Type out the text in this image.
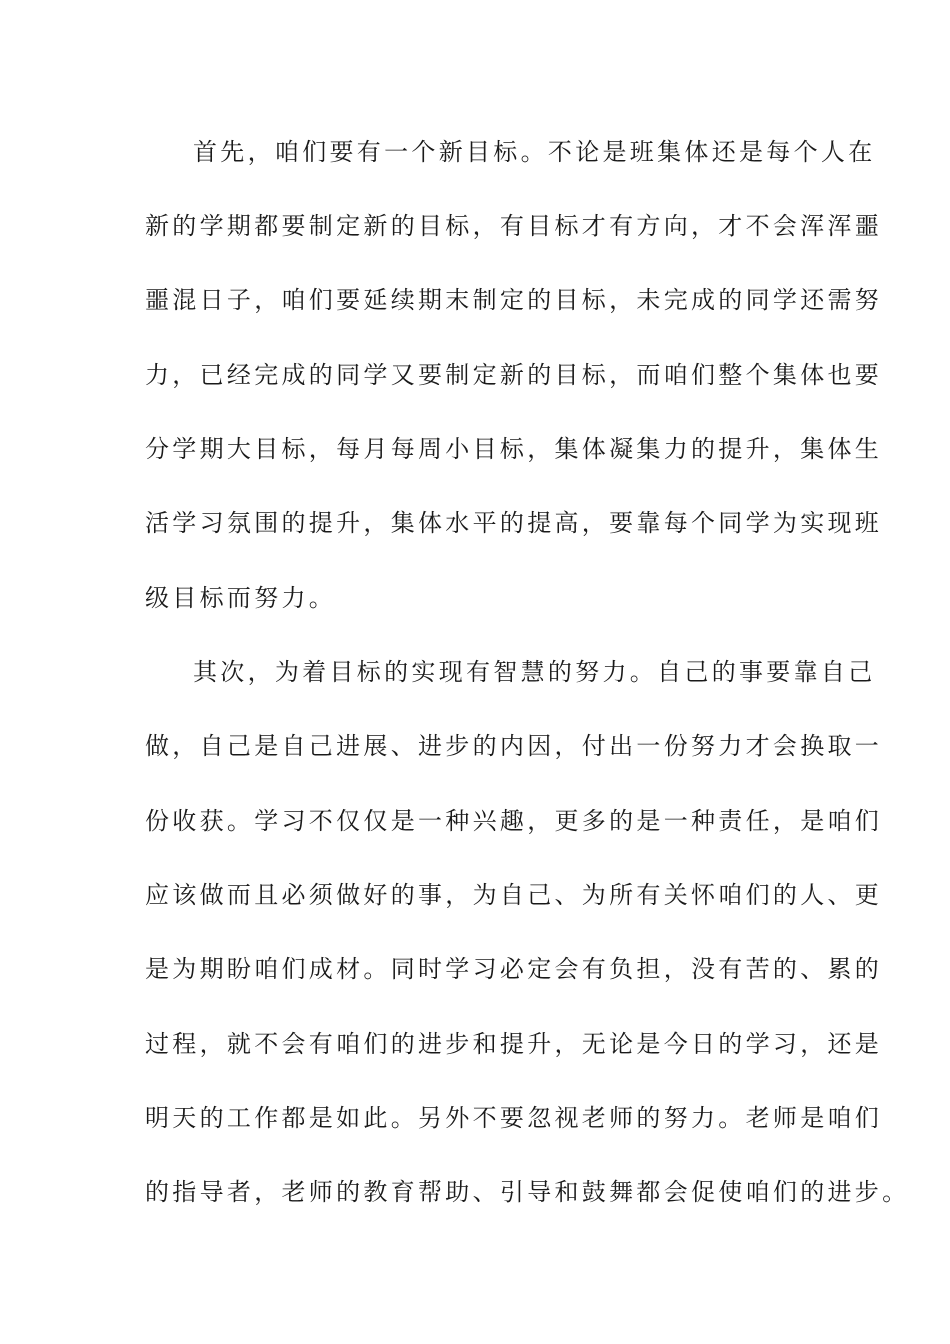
首先，咱们要有一个新目标。不论是班集体还是每个人在
新的学期都要制定新的目标，有目标才有方向，才不会浑浑噩
噩混日子，咱们要延续期末制定的目标，未完成的同学还需努
力，已经完成的同学又要制定新的目标，而咱们整个集体也要
分学期大目标，每月每周小目标，集体凝集力的提升，集体生
活学习氛围的提升，集体水平的提高，要靠每个同学为实现班
级目标而努力。
其次，为着目标的实现有智慧的努力。自己的事要靠自己
做，自己是自己进展、进步的内因，付出一份努力才会换取一
份收获。学习不仅仅是一种兴趣，更多的是一种责任，是咱们
应该做而且必须做好的事，为自己、为所有关怀咱们的人、更
是为期盼咱们成材。同时学习必定会有负担，没有苦的、累的
过程，就不会有咱们的进步和提升，无论是今日的学习，还是
明天的工作都是如此。另外不要忽视老师的努力。老师是咱们
的指导者，老师的教育帮助、引导和鼓舞都会促使咱们的进步。
